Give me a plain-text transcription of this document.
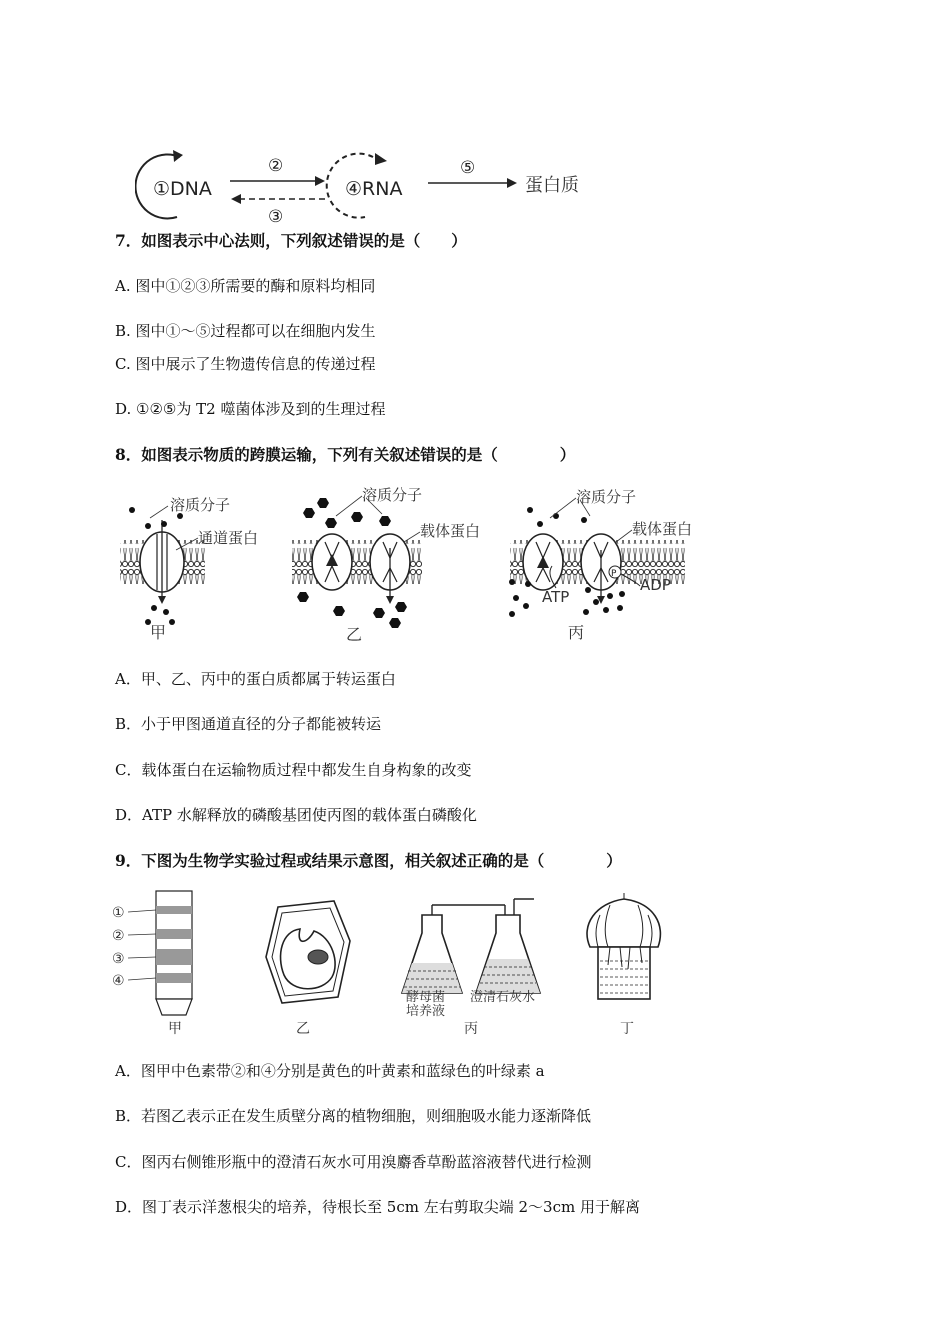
①DNA
②
③
④RNA
⑤
蛋白质
7．如图表示中心法则，下列叙述错误的是（　　）
A. 图中①②③所需要的酶和原料均相同
B. 图中①～⑤过程都可以在细胞内发生
C. 图中展示了生物遗传信息的传递过程
D. ①②⑤为 T2 噬菌体涉及到的生理过程
8．如图表示物质的跨膜运输，下列有关叙述错误的是（　　　　）
溶质分子
通道蛋白
甲
溶质分子
载体蛋白
乙
P
溶质分子
载体蛋白
ATP
ADP
丙
A．甲、乙、丙中的蛋白质都属于转运蛋白
B．小于甲图通道直径的分子都能被转运
C．载体蛋白在运输物质过程中都发生自身构象的改变
D．ATP 水解释放的磷酸基团使丙图的载体蛋白磷酸化
9．下图为生物学实验过程或结果示意图，相关叙述正确的是（　　　　）
①
②
③
④
甲	乙
酵母菌
培养液
澄清石灰水
丙	丁
A．图甲中色素带②和④分别是黄色的叶黄素和蓝绿色的叶绿素 a
B．若图乙表示正在发生质壁分离的植物细胞，则细胞吸水能力逐渐降低
C．图丙右侧锥形瓶中的澄清石灰水可用溴麝香草酚蓝溶液替代进行检测
D．图丁表示洋葱根尖的培养，待根长至 5cm 左右剪取尖端 2～3cm 用于解离
